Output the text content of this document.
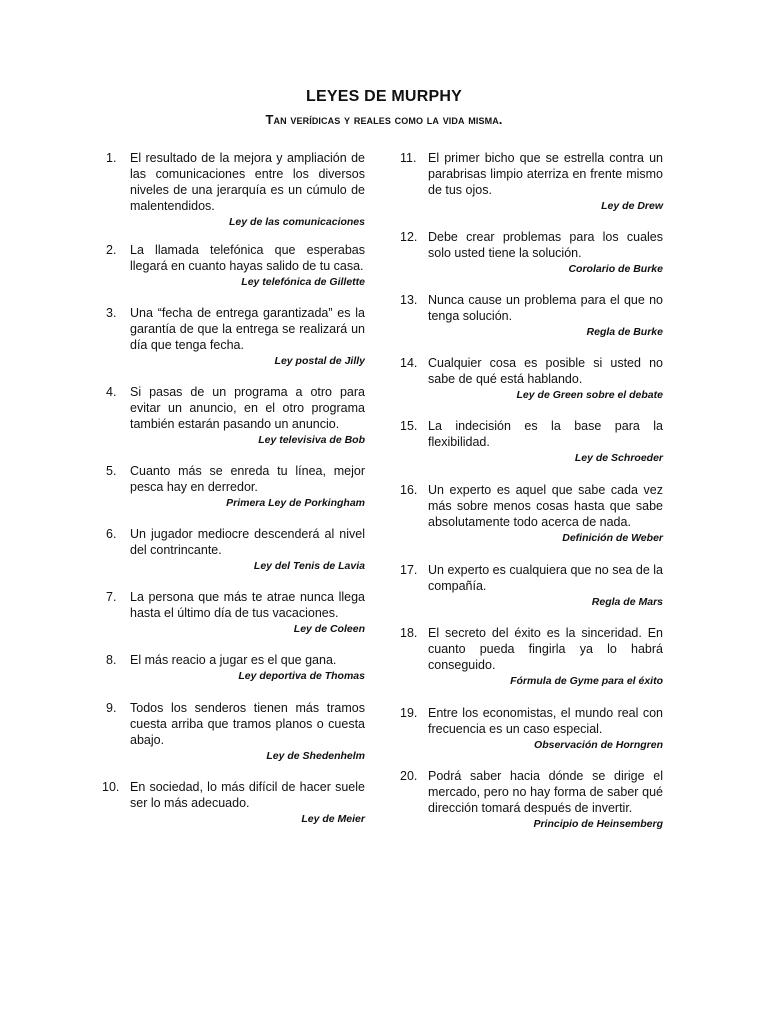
LEYES DE MURPHY
Tan verídicas y reales como la vida misma.
1. El resultado de la mejora y ampliación de las comunicaciones entre los diversos niveles de una jerarquía es un cúmulo de malentendidos.
Ley de las comunicaciones
2. La llamada telefónica que esperabas llegará en cuanto hayas salido de tu casa.
Ley telefónica de Gillette
3. Una “fecha de entrega garantizada” es la garantía de que la entrega se realizará un día que tenga fecha.
Ley postal de Jilly
4. Si pasas de un programa a otro para evitar un anuncio, en el otro programa también estarán pasando un anuncio.
Ley televisiva de Bob
5. Cuanto más se enreda tu línea, mejor pesca hay en derredor.
Primera Ley de Porkingham
6. Un jugador mediocre descenderá al nivel del contrincante.
Ley del Tenis de Lavia
7. La persona que más te atrae nunca llega hasta el último día de tus vacaciones.
Ley de Coleen
8. El más reacio a jugar es el que gana.
Ley deportiva de Thomas
9. Todos los senderos tienen más tramos cuesta arriba que tramos planos o cuesta abajo.
Ley de Shedenhelm
10. En sociedad, lo más difícil de hacer suele ser lo más adecuado.
Ley de Meier
11. El primer bicho que se estrella contra un parabrisas limpio aterriza en frente mismo de tus ojos.
Ley de Drew
12. Debe crear problemas para los cuales solo usted tiene la solución.
Corolario de Burke
13. Nunca cause un problema para el que no tenga solución.
Regla de Burke
14. Cualquier cosa es posible si usted no sabe de qué está hablando.
Ley de Green sobre el debate
15. La indecisión es la base para la flexibilidad.
Ley de Schroeder
16. Un experto es aquel que sabe cada vez más sobre menos cosas hasta que sabe absolutamente todo acerca de nada.
Definición de Weber
17. Un experto es cualquiera que no sea de la compañía.
Regla de Mars
18. El secreto del éxito es la sinceridad. En cuanto pueda fingirla ya lo habrá conseguido.
Fórmula de Gyme para el éxito
19. Entre los economistas, el mundo real con frecuencia es un caso especial.
Observación de Horngren
20. Podrá saber hacia dónde se dirige el mercado, pero no hay forma de saber qué dirección tomará después de invertir.
Principio de Heinsemberg
